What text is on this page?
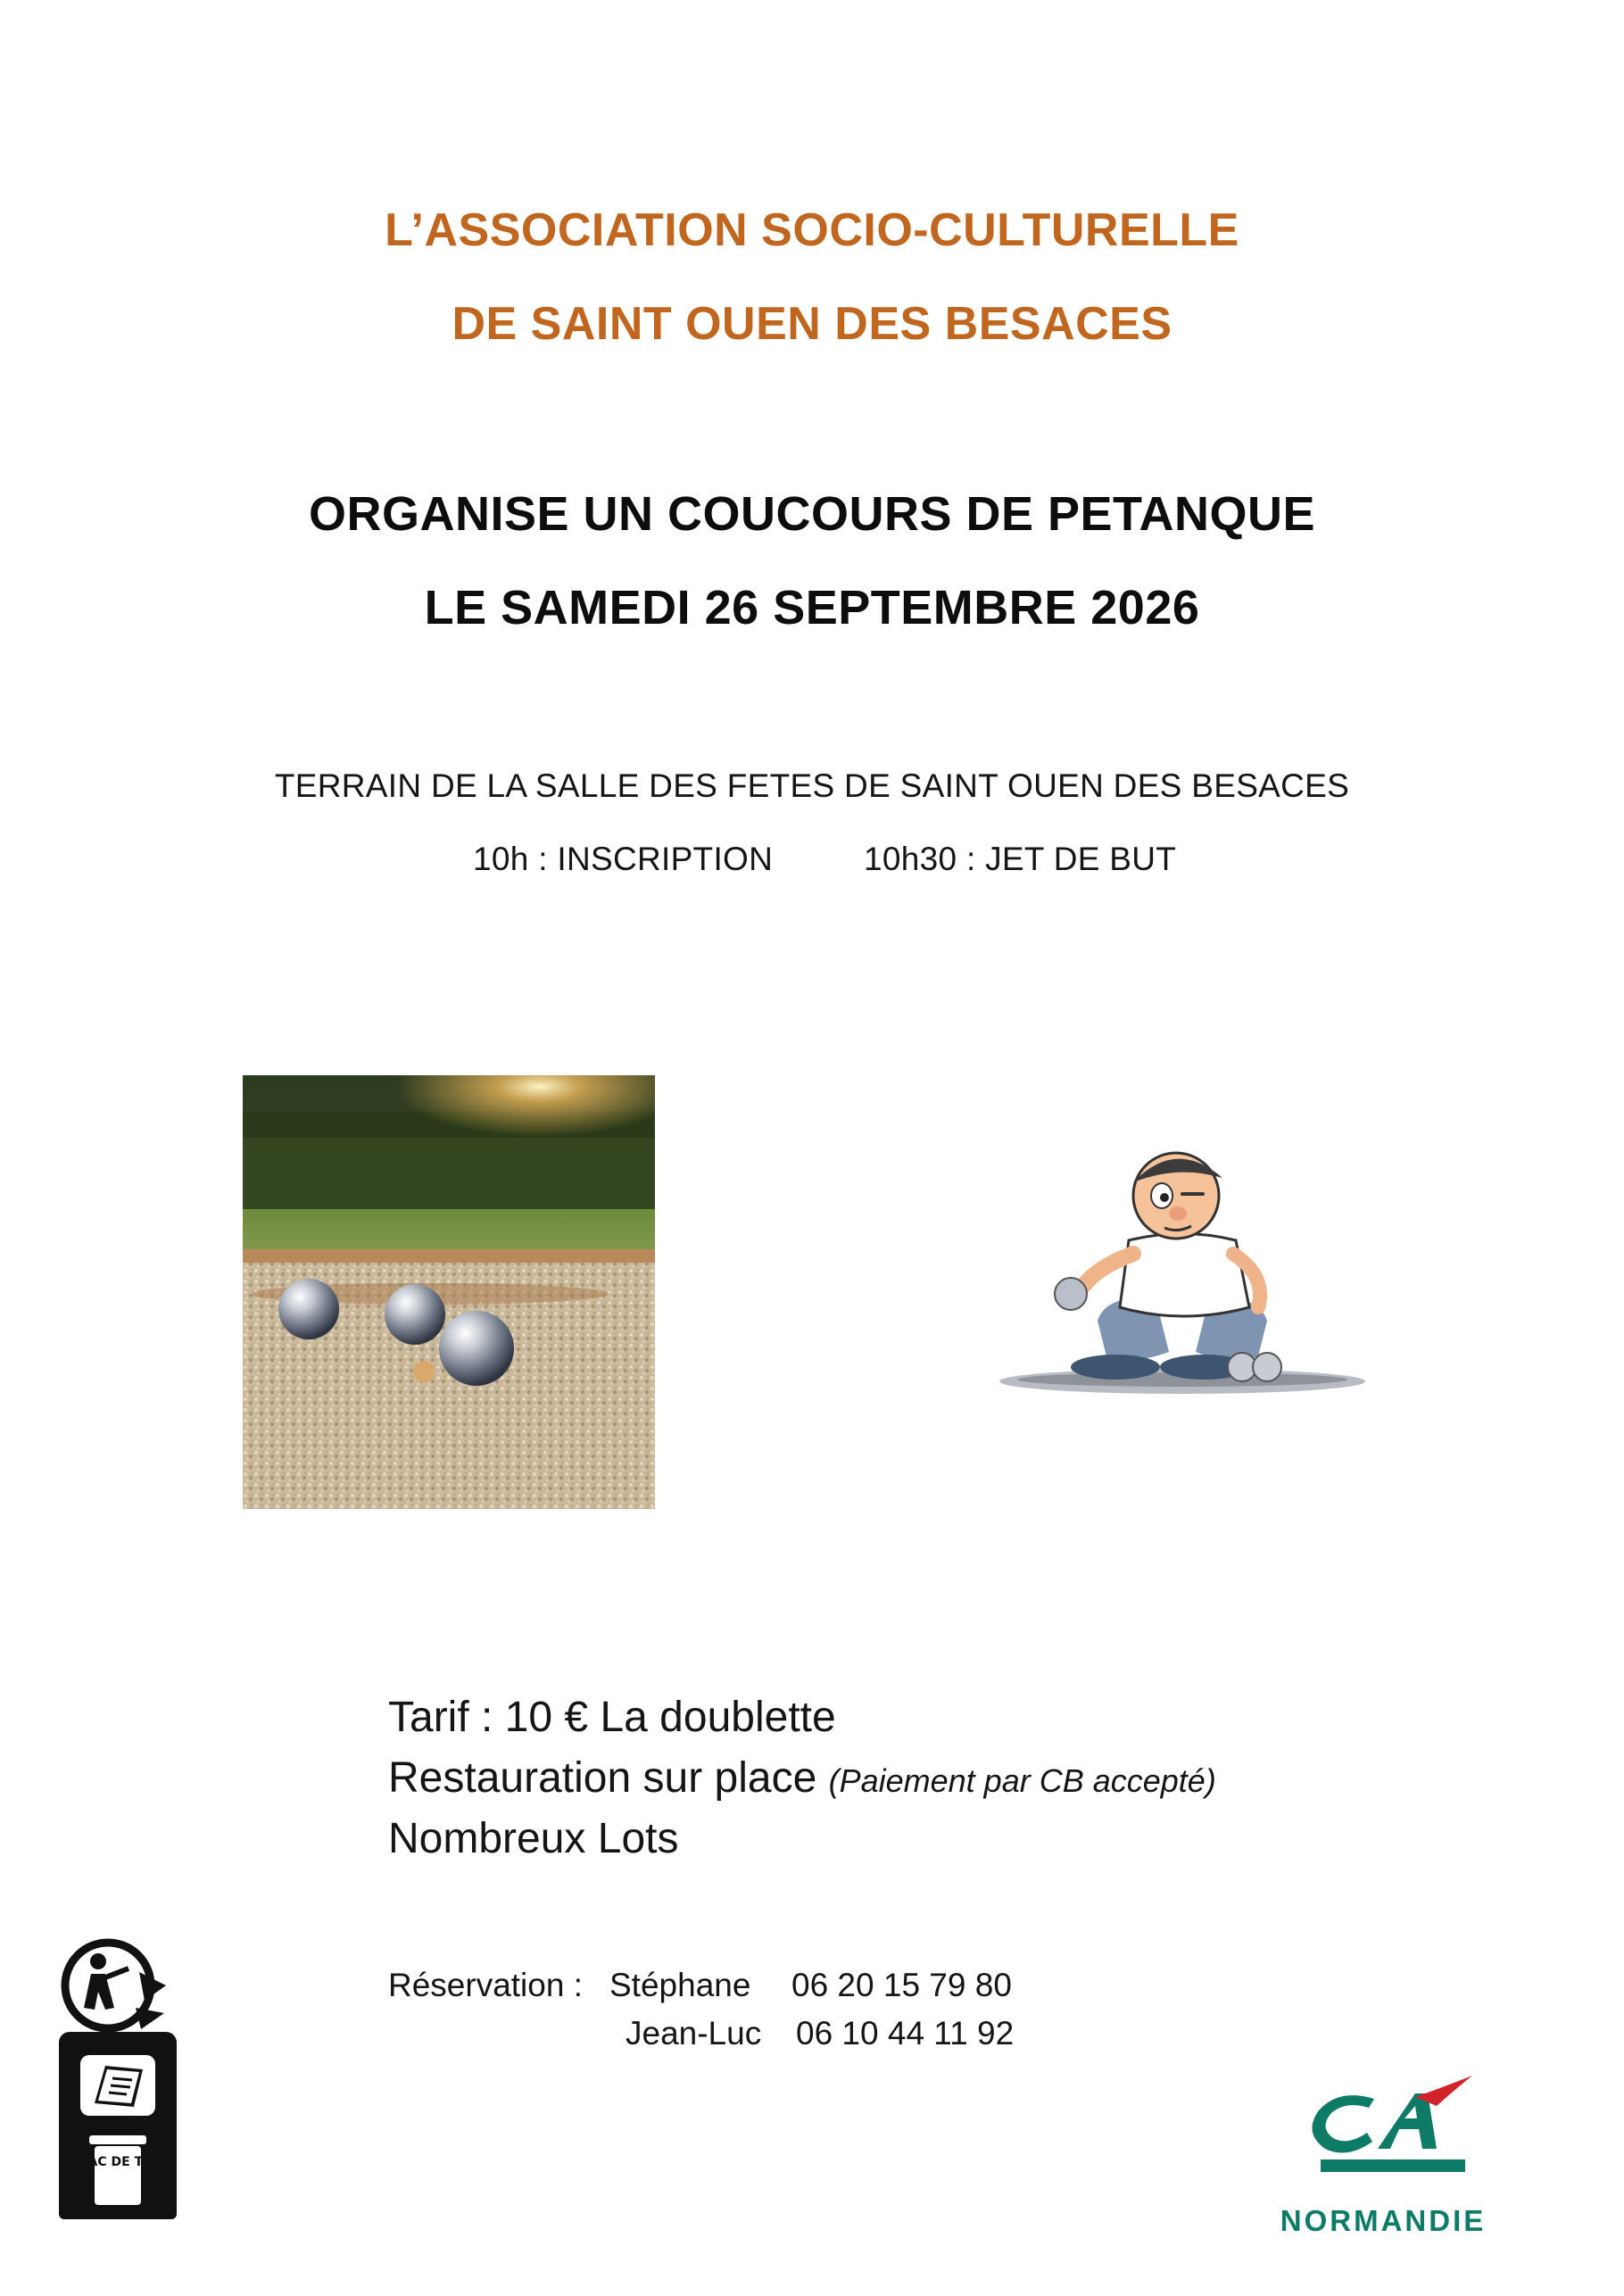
L’ASSOCIATION SOCIO-CULTURELLE
DE SAINT OUEN DES BESACES
ORGANISE UN COUCOURS DE PETANQUE
LE SAMEDI 26 SEPTEMBRE 2026
TERRAIN DE LA SALLE DES FETES DE SAINT OUEN DES BESACES
10h : INSCRIPTION	10h30 : JET DE BUT
Tarif : 10 € La doublette
Restauration sur place (Paiement par CB accepté)
Nombreux Lots
Réservation : Stéphane 06 20 15 79 80
Jean-Luc 06 10 44 11 92
BAC DE TRI
NORMANDIE
